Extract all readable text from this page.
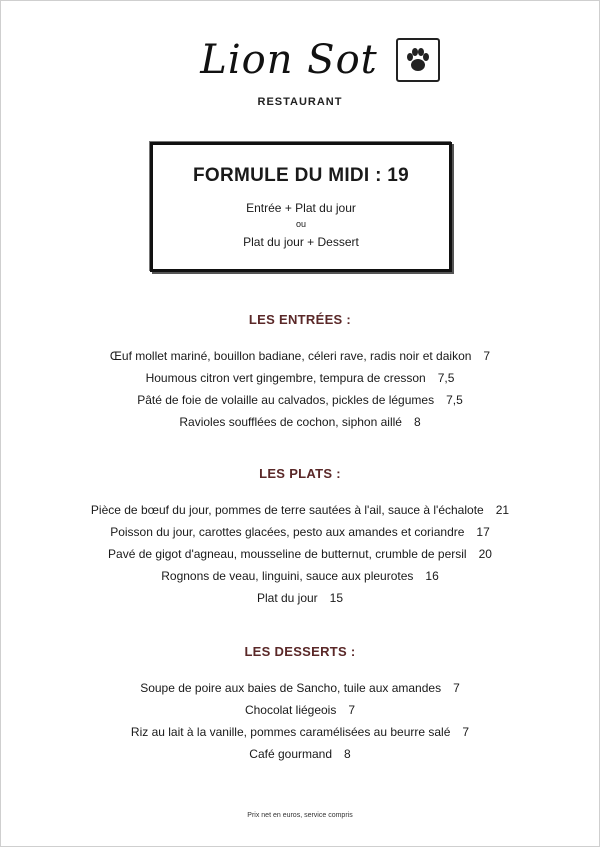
Lion Sot
RESTAURANT
FORMULE DU MIDI : 19
Entrée + Plat du jour
ou
Plat du jour + Dessert
LES ENTRÉES :
Œuf mollet mariné, bouillon badiane, céleri rave, radis noir et daikon 7
Houmous citron vert gingembre, tempura de cresson 7,5
Pâté de foie de volaille au calvados, pickles de légumes 7,5
Ravioles soufflées de cochon, siphon aillé 8
LES PLATS :
Pièce de bœuf du jour, pommes de terre sautées à l'ail, sauce à l'échalote 21
Poisson du jour, carottes glacées, pesto aux amandes et coriandre 17
Pavé de gigot d'agneau, mousseline de butternut, crumble de persil 20
Rognons de veau, linguini, sauce aux pleurotes 16
Plat du jour 15
LES DESSERTS :
Soupe de poire aux baies de Sancho, tuile aux amandes 7
Chocolat liégeois 7
Riz au lait à la vanille, pommes caramélisées au beurre salé 7
Café gourmand 8
Prix net en euros, service compris
